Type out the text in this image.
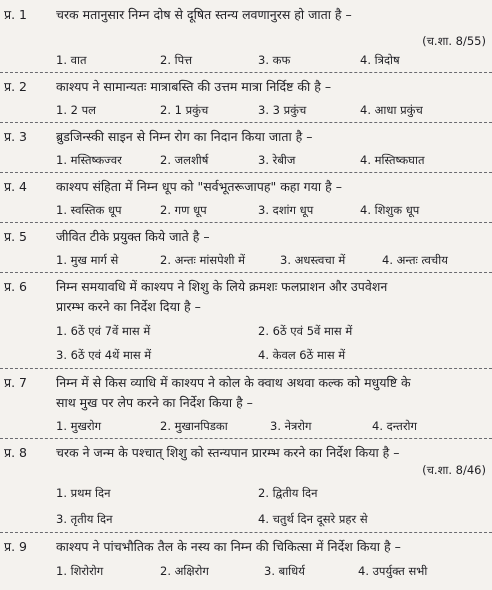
प्र. 1 चरक मतानुसार निम्न दोष से दूषित स्तन्य लवणानुरस हो जाता है –
(च.शा. 8/55)
1. वात	2. पित्त	3. कफ	4. त्रिदोष
प्र. 2 काश्यप ने सामान्यतः मात्राबस्ति की उत्तम मात्रा निर्दिष्ट की है –
1. 2 पल	2. 1 प्रकुंच	3. 3 प्रकुंच	4. आधा प्रकुंच
प्र. 3 ब्रुडजिन्स्की साइन से निम्न रोग का निदान किया जाता है –
1. मस्तिष्कज्वर	2. जलशीर्ष	3. रेबीज	4. मस्तिष्कघात
प्र. 4 काश्यप संहिता में निम्न धूप को "सर्वभूतरूजापह" कहा गया है –
1. स्वस्तिक धूप	2. गण धूप	3. दशांग धूप	4. शिशुक धूप
प्र. 5 जीवित टीके प्रयुक्त किये जाते है –
1. मुख मार्ग से	2. अन्तः मांसपेशी में	3. अधस्त्वचा में	4. अन्तः त्वचीय
प्र. 6 निम्न समयावधि में काश्यप ने शिशु के लिये क्रमशः फलप्राशन और उपवेशन
प्रारम्भ करने का निर्देश दिया है –
1. 6ठें एवं 7वें मास में	2. 6ठें एवं 5वें मास में
3. 6ठें एवं 4थें मास में	4. केवल 6ठें मास में
प्र. 7 निम्न में से किस व्याधि में काश्यप ने कोल के क्वाथ अथवा कल्क को मधुयष्टि के
साथ मुख पर लेप करने का निर्देश किया है –
1. मुखरोग	2. मुखानपिडका	3. नेत्ररोग	4. दन्तरोग
प्र. 8 चरक ने जन्म के पश्चात् शिशु को स्तन्यपान प्रारम्भ करने का निर्देश किया है –
(च.शा. 8/46)
1. प्रथम दिन	2. द्वितीय दिन
3. तृतीय दिन	4. चतुर्थ दिन दूसरे प्रहर से
प्र. 9 काश्यप ने पांचभौतिक तैल के नस्य का निम्न की चिकित्सा में निर्देश किया है –
1. शिरोरोग	2. अक्षिरोग	3. बाधिर्य	4. उपर्युक्त सभी
